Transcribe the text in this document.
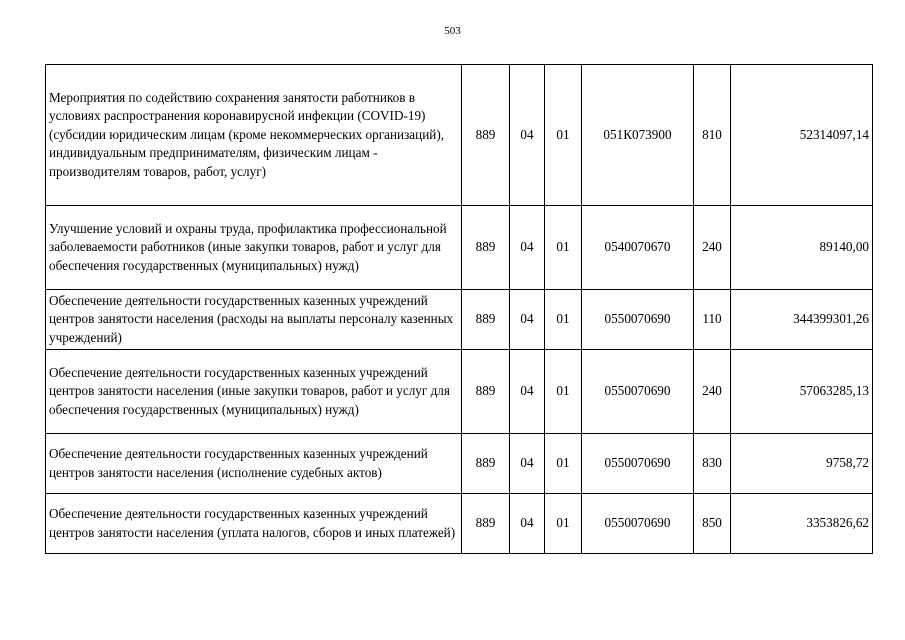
503
Мероприятия по содействию сохранения занятости работников в условиях распространения коронавирусной инфекции (COVID-19) (субсидии юридическим лицам (кроме некоммерческих организаций), индивидуальным предпринимателям, физическим лицам - производителям товаров, работ, услуг)	889	04	01	051К073900	810	52314097,14
Улучшение условий и охраны труда, профилактика профессиональной заболеваемости работников (иные закупки товаров, работ и услуг для обеспечения государственных (муниципальных) нужд)	889	04	01	0540070670	240	89140,00
Обеспечение деятельности государственных казенных учреждений центров занятости населения (расходы на выплаты персоналу казенных учреждений)	889	04	01	0550070690	110	344399301,26
Обеспечение деятельности государственных казенных учреждений центров занятости населения (иные закупки товаров, работ и услуг для обеспечения государственных (муниципальных) нужд)	889	04	01	0550070690	240	57063285,13
Обеспечение деятельности государственных казенных учреждений центров занятости населения (исполнение судебных актов)	889	04	01	0550070690	830	9758,72
Обеспечение деятельности государственных казенных учреждений центров занятости населения (уплата налогов, сборов и иных платежей)	889	04	01	0550070690	850	3353826,62
